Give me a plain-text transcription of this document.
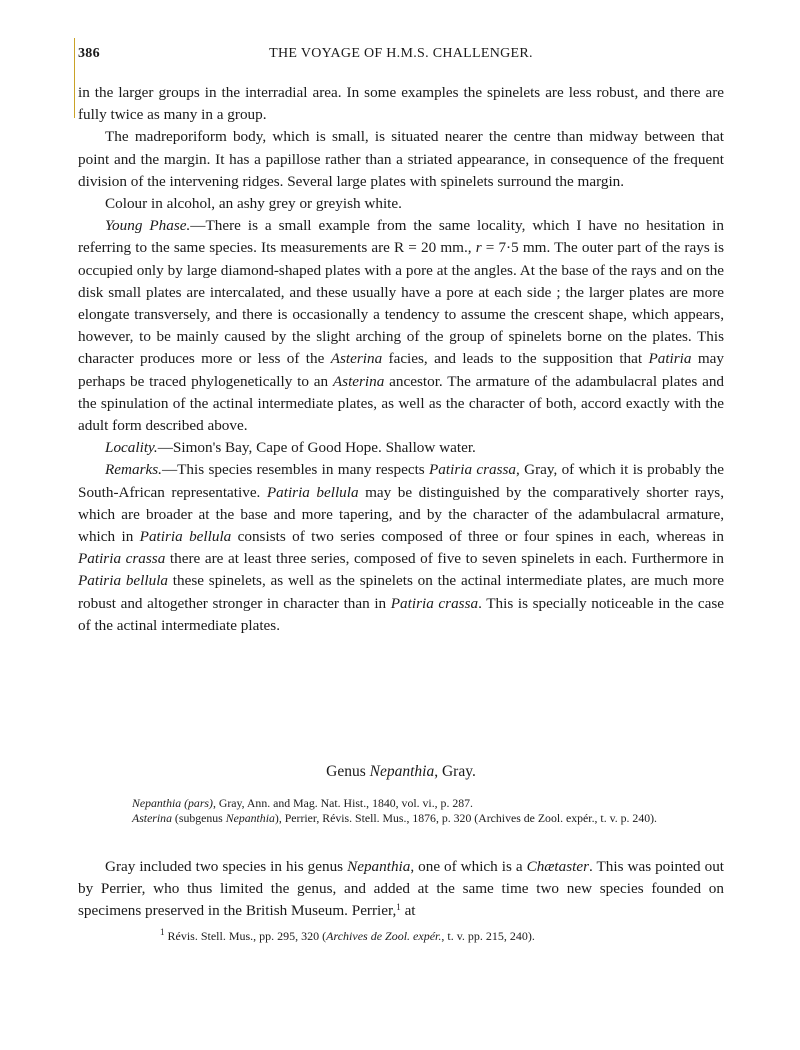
386	THE VOYAGE OF H.M.S. CHALLENGER.

in the larger groups in the interradial area. In some examples the spinelets are less robust, and there are fully twice as many in a group.

The madreporiform body, which is small, is situated nearer the centre than midway between that point and the margin. It has a papillose rather than a striated appearance, in consequence of the frequent division of the intervening ridges. Several large plates with spinelets surround the margin.

Colour in alcohol, an ashy grey or greyish white.

Young Phase.—There is a small example from the same locality, which I have no hesitation in referring to the same species. Its measurements are R = 20 mm., r = 7·5 mm. The outer part of the rays is occupied only by large diamond-shaped plates with a pore at the angles. At the base of the rays and on the disk small plates are intercalated, and these usually have a pore at each side ; the larger plates are more elongate transversely, and there is occasionally a tendency to assume the crescent shape, which appears, however, to be mainly caused by the slight arching of the group of spinelets borne on the plates. This character produces more or less of the Asterina facies, and leads to the supposition that Patiria may perhaps be traced phylogenetically to an Asterina ancestor. The armature of the adambulacral plates and the spinulation of the actinal intermediate plates, as well as the character of both, accord exactly with the adult form described above.

Locality.—Simon's Bay, Cape of Good Hope. Shallow water.

Remarks.—This species resembles in many respects Patiria crassa, Gray, of which it is probably the South-African representative. Patiria bellula may be distinguished by the comparatively shorter rays, which are broader at the base and more tapering, and by the character of the adambulacral armature, which in Patiria bellula consists of two series composed of three or four spines in each, whereas in Patiria crassa there are at least three series, composed of five to seven spinelets in each. Furthermore in Patiria bellula these spinelets, as well as the spinelets on the actinal intermediate plates, are much more robust and altogether stronger in character than in Patiria crassa. This is specially noticeable in the case of the actinal intermediate plates.

Genus Nepanthia, Gray.

Nepanthia (pars), Gray, Ann. and Mag. Nat. Hist., 1840, vol. vi., p. 287.

Asterina (subgenus Nepanthia), Perrier, Révis. Stell. Mus., 1876, p. 320 (Archives de Zool. expér., t. v. p. 240).

Gray included two species in his genus Nepanthia, one of which is a Chætaster. This was pointed out by Perrier, who thus limited the genus, and added at the same time two new species founded on specimens preserved in the British Museum. Perrier,$^1$ at

$^1$ Révis. Stell. Mus., pp. 295, 320 (Archives de Zool. expér., t. v. pp. 215, 240).
